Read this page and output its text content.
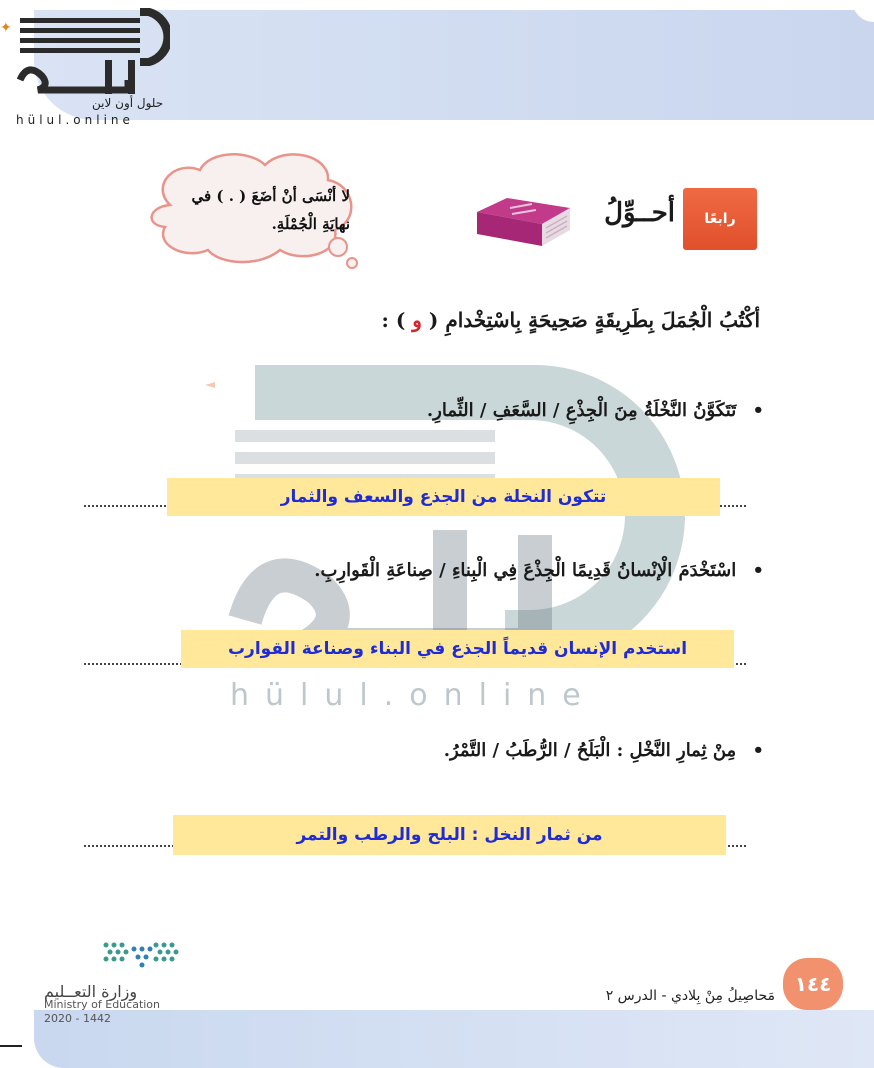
✦
حلول أون لاين
hülul.online
لا أنْسَى أنْ أضَعَ ( . ) في
نهايَةِ الْجُمْلَةِ.	رابعًا
أحــوِّلُ
أكْتُبُ الْجُمَلَ بِطَرِيقَةٍ صَحِيحَةٍ بِاسْتِخْدامِ ( و ) :
hülul.online
• تَتَكَوَّنُ النَّخْلَةُ مِنَ الْجِذْعِ / السَّعَفِ / الثِّمارِ.
تتكون النخلة من الجذع والسعف والثمار
• اسْتَخْدَمَ الْإنْسانُ قَدِيمًا الْجِذْعَ فِي الْبِناءِ / صِناعَةِ الْقَوارِبِ.
استخدم الإنسان قديماً الجذع في البناء وصناعة القوارب
• مِنْ ثِمارِ النَّخْلِ : الْبَلَحُ / الرُّطَبُ / التَّمْرُ.
من ثمار النخل : البلح والرطب والتمر
١٤٤
مَحاصِيلُ مِنْ بِلادي - الدرس ٢
وزارة التعــليم
Ministry of Education
2020 - 1442
